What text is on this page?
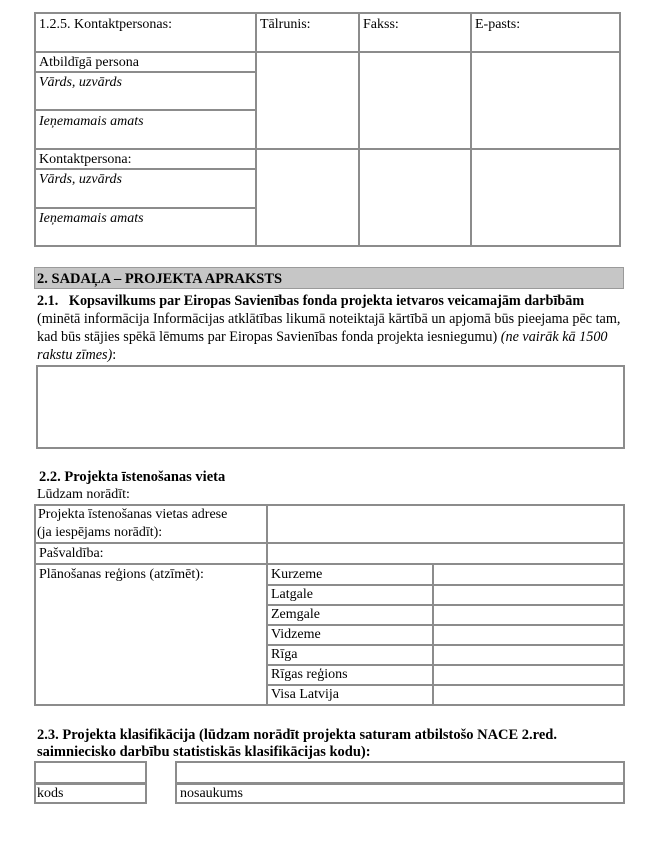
1.2.5. Kontaktpersonas:	Tālrunis:	Fakss:	E-pasts:
Atbildīgā persona
Vārds, uzvārds
Ieņemamais amats
Kontaktpersona:
Vārds, uzvārds
Ieņemamais amats
2. SADAĻA – PROJEKTA APRAKSTS
2.1. Kopsavilkums par Eiropas Savienības fonda projekta ietvaros veicamajām darbībām (minētā informācija Informācijas atklātības likumā noteiktajā kārtībā un apjomā būs pieejama pēc tam, kad būs stājies spēkā lēmums par Eiropas Savienības fonda projekta iesniegumu) (ne vairāk kā 1500 rakstu zīmes):
2.2. Projekta īstenošanas vieta
Lūdzam norādīt:
Projekta īstenošanas vietas adrese
(ja iespējams norādīt):
Pašvaldība:
Plānošanas reģions (atzīmēt):	Kurzeme
Latgale
Zemgale
Vidzeme
Rīga
Rīgas reģions
Visa Latvija
2.3. Projekta klasifikācija (lūdzam norādīt projekta saturam atbilstošo NACE 2.red.
saimniecisko darbību statistiskās klasifikācijas kodu):
kods	nosaukums
